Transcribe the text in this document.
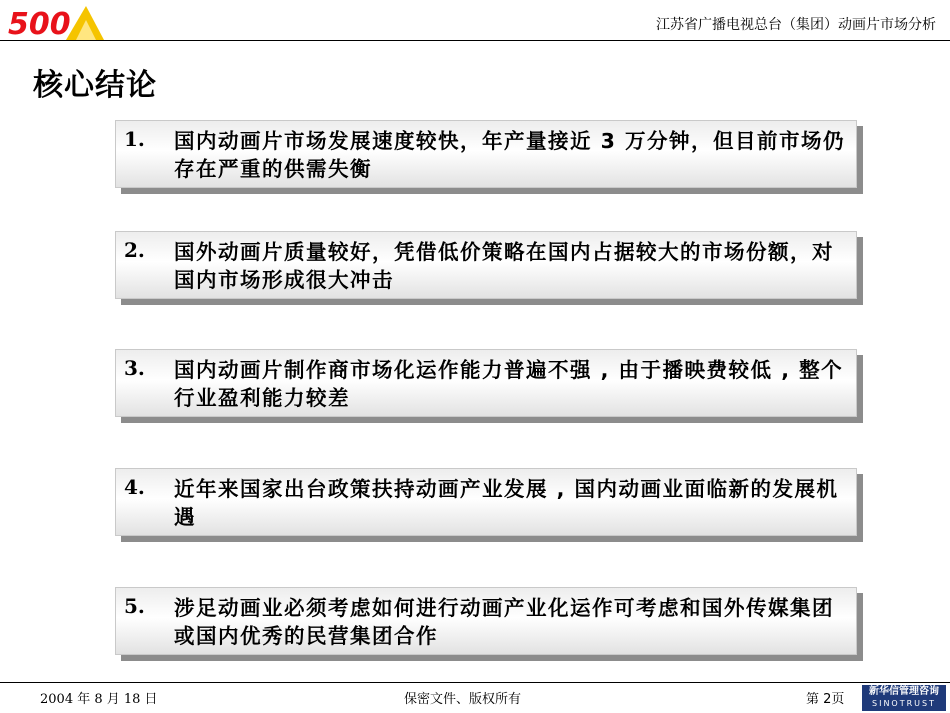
500	江苏省广播电视总台（集团）动画片市场分析
核心结论
1. 国内动画片市场发展速度较快，年产量接近 3 万分钟，但目前市场仍存在严重的供需失衡
2. 国外动画片质量较好，凭借低价策略在国内占据较大的市场份额，对国内市场形成很大冲击
3. 国内动画片制作商市场化运作能力普遍不强 , 由于播映费较低 , 整个行业盈利能力较差
4. 近年来国家出台政策扶持动画产业发展 , 国内动画业面临新的发展机遇
5. 涉足动画业必须考虑如何进行动画产业化运作可考虑和国外传媒集团或国内优秀的民营集团合作
2004 年 8 月 18 日	保密文件、版权所有	第 2页
新华信管理咨询
SINOTRUST
